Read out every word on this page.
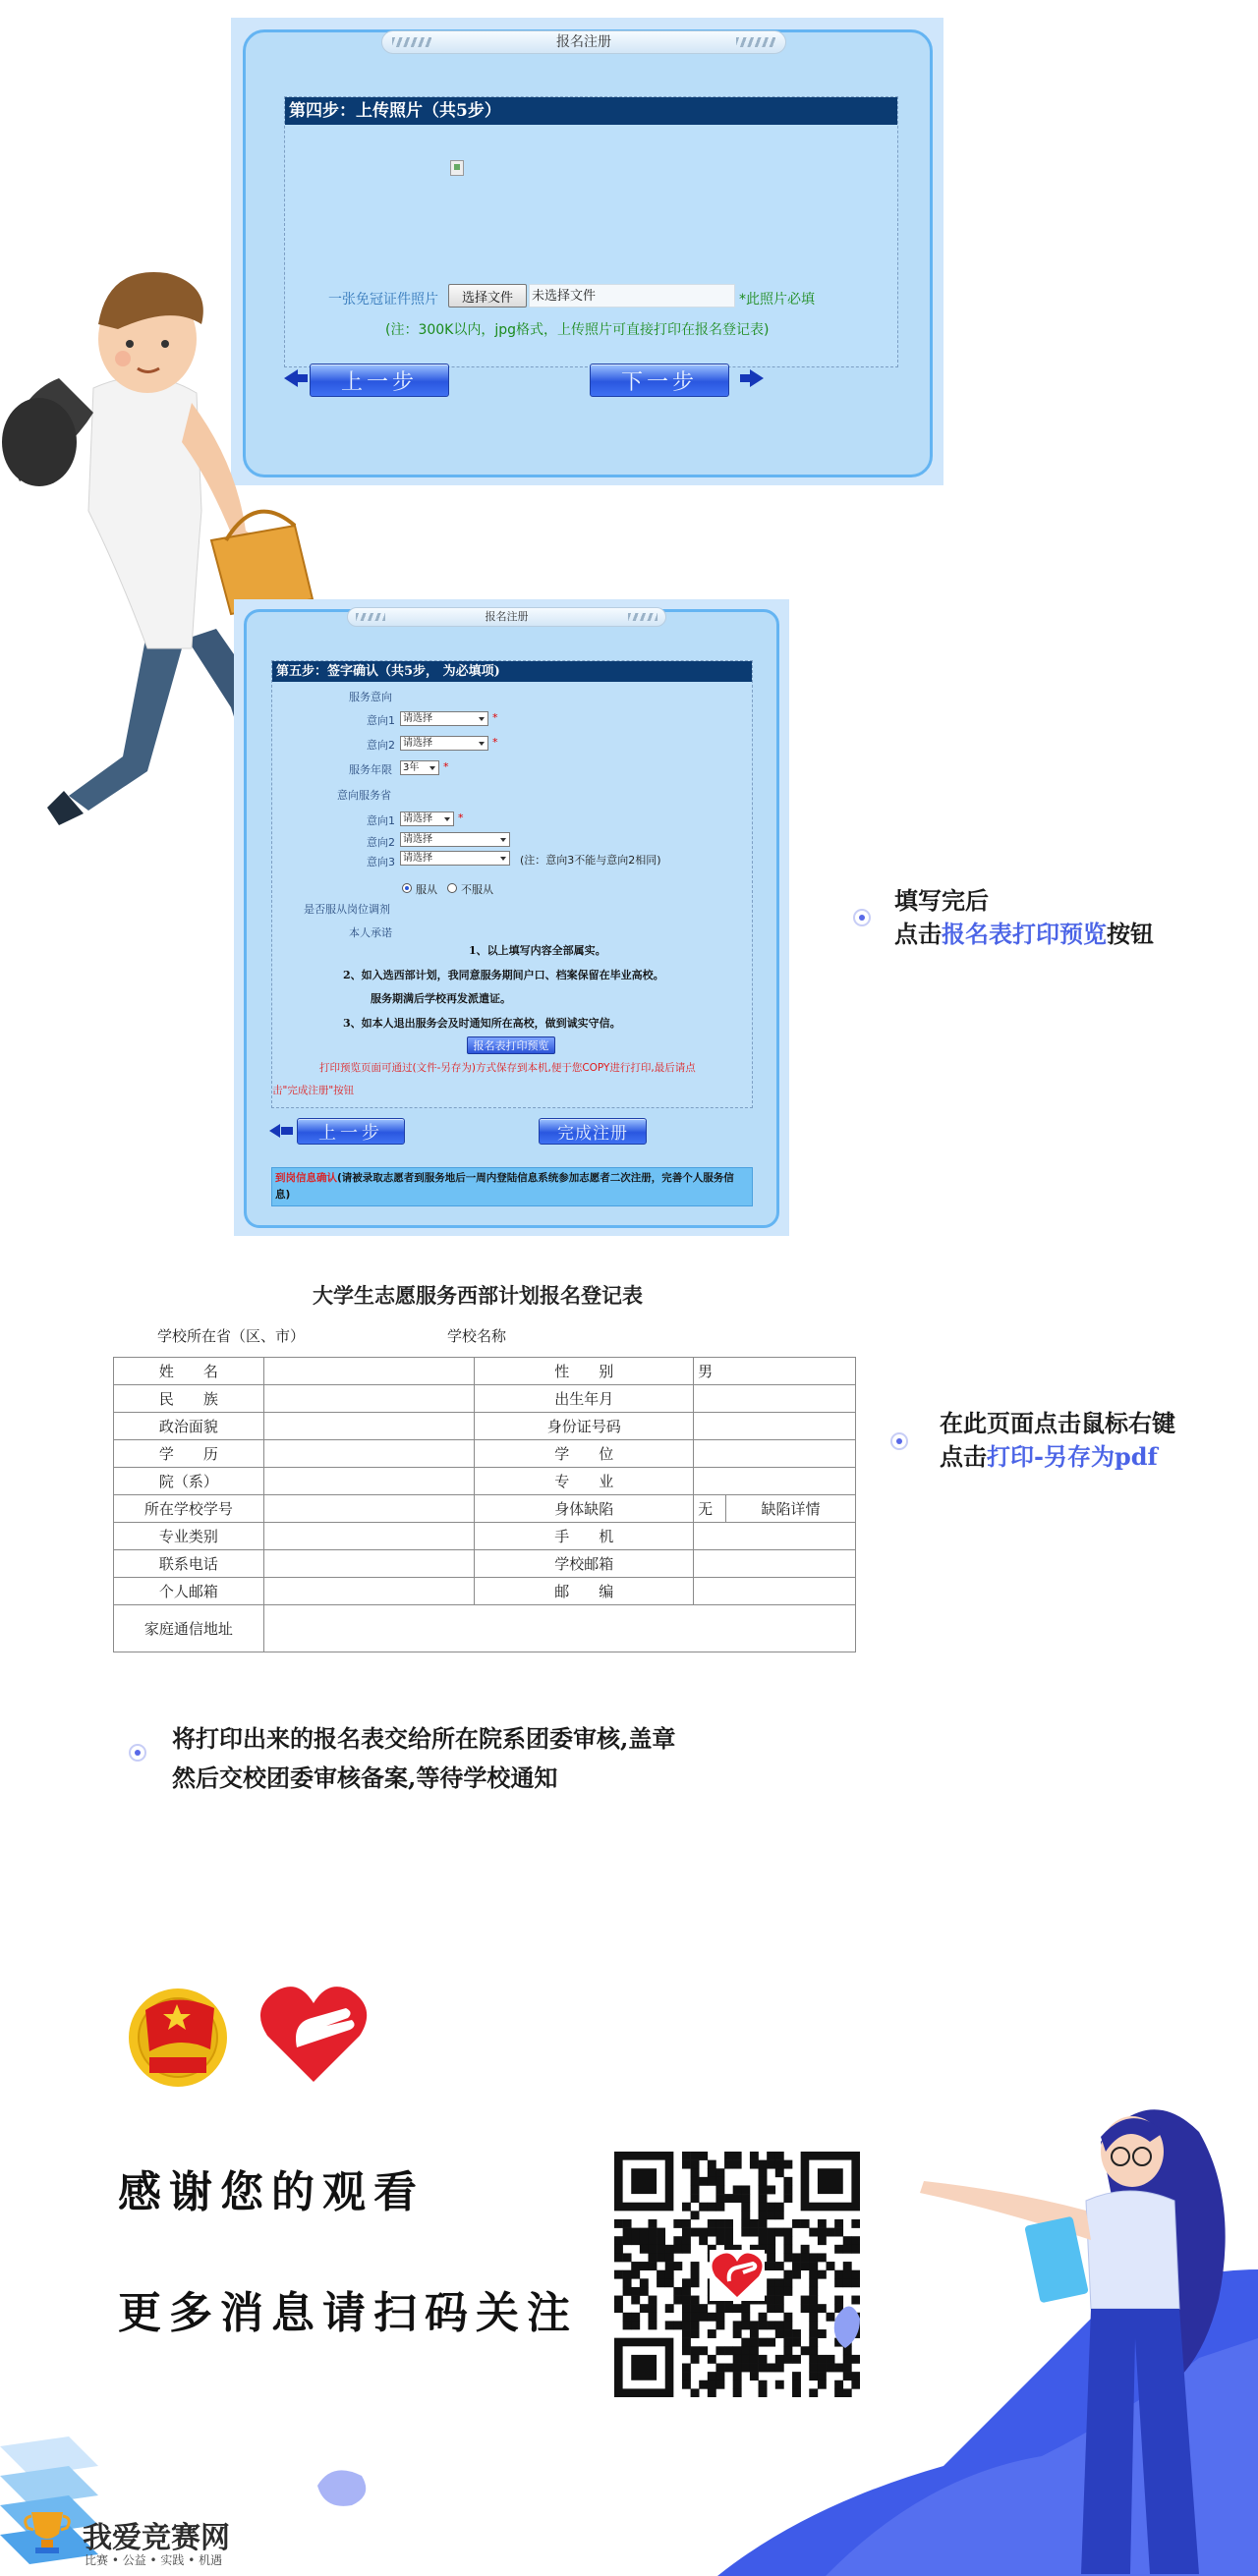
报名注册
第四步：上传照片（共5步）
一张免冠证件照片	选择文件	未选择文件	*此照片必填
(注：300K以内，jpg格式，上传照片可直接打印在报名登记表)
上一步	下一步
报名注册
第五步：签字确认（共5步， 为必填项)
服务意向
意向1 请选择	*
意向2 请选择	*
服务年限	3年	*
意向服务省
意向1 请选择	*
意向2 请选择
意向3 请选择	(注：意向3不能与意向2相同)
是否服从岗位调剂
服从 不服从
本人承诺
1、以上填写内容全部属实。
2、如入选西部计划，我同意服务期间户口、档案保留在毕业高校。
服务期满后学校再发派遣证。
3、如本人退出服务会及时通知所在高校，做到诚实守信。
报名表打印预览
打印预览页面可通过(文件-另存为)方式保存到本机,便于您COPY进行打印,最后请点
击"完成注册"按钮
上一步	完成注册
到岗信息确认(请被录取志愿者到服务地后一周内登陆信息系统参加志愿者二次注册，完善个人服务信息)
填写完后
点击报名表打印预览按钮
大学生志愿服务西部计划报名登记表
学校所在省（区、市）	学校名称
姓　　名		性　　别	男	
民　　族		出生年月		
政治面貌		身份证号码		
学　　历		学　　位		
院（系）		专　　业		
所在学校学号		身体缺陷	无	缺陷详情
专业类别		手　　机		
联系电话		学校邮箱		
个人邮箱		邮　　编		
家庭通信地址				
在此页面点击鼠标右键
点击打印-另存为pdf
将打印出来的报名表交给所在院系团委审核,盖章
然后交校团委审核备案,等待学校通知
感谢您的观看
更多消息请扫码关注
我爱竞赛网
比赛 • 公益 • 实践 • 机遇
